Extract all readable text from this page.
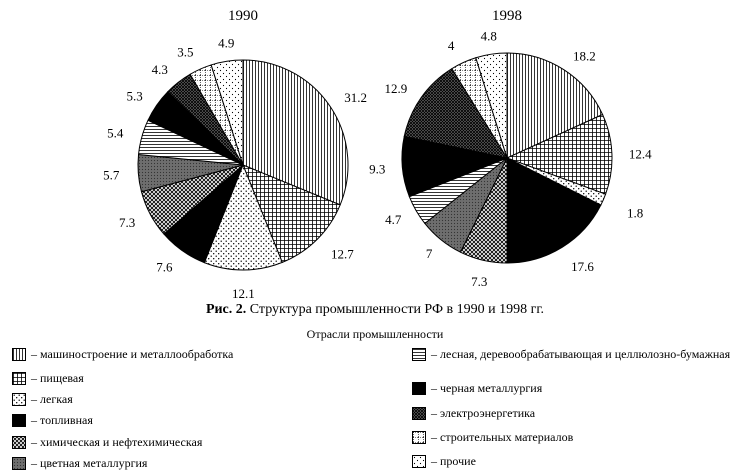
1990
31.2
12.7
12.1
7.6
7.3
5.7
5.4
5.3
4.3
3.5
4.9
1998
18.2
12.4
1.8
17.6
7.3
7
4.7
9.3
12.9
4
4.8
Рис. 2. Структура промышленности РФ в 1990 и 1998 гг.
Отрасли промышленности
– машиностроение и металлообработка
– пищевая
– легкая
– топливная
– химическая и нефтехимическая
– цветная металлургия
– лесная, деревообрабатывающая и целлюлозно-бумажная
– черная металлургия
– электроэнергетика
– строительных материалов
– прочие
